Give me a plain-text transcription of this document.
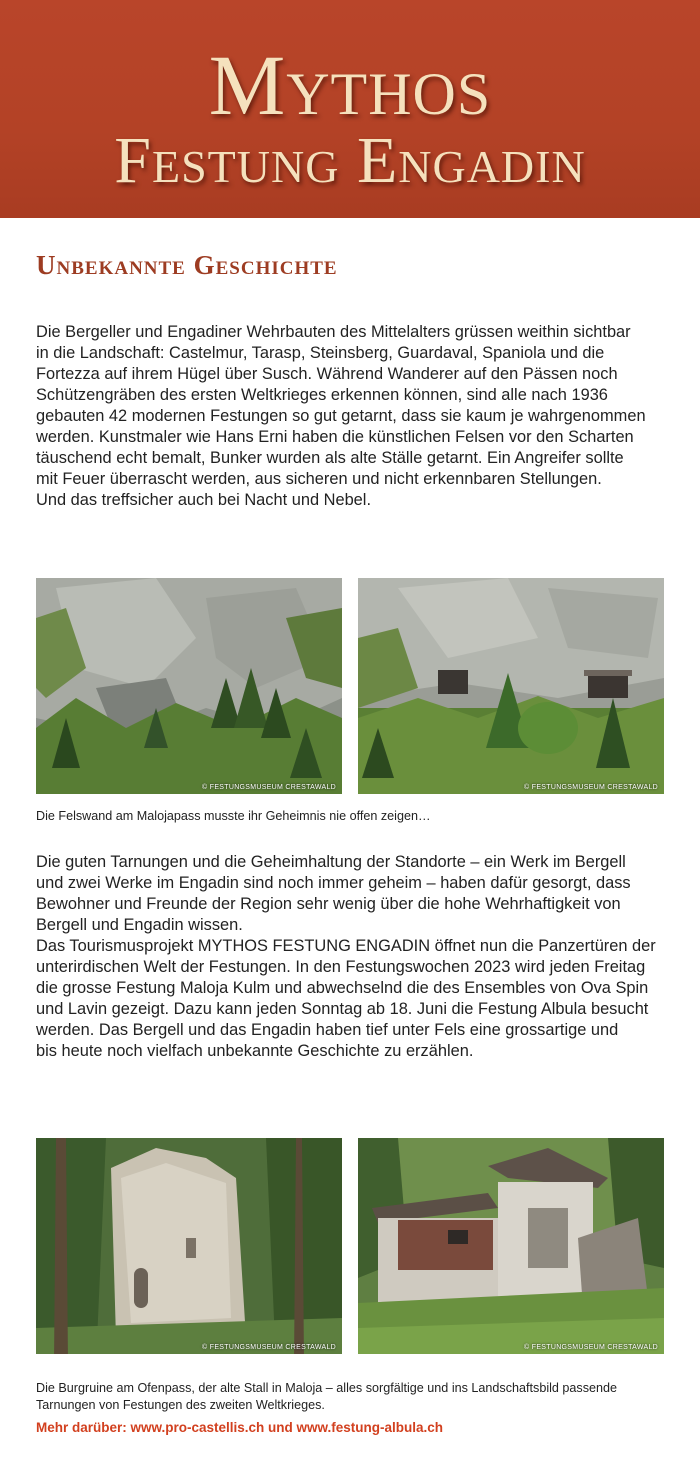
Mythos
Festung Engadin
Unbekannte Geschichte
Die Bergeller und Engadiner Wehrbauten des Mittelalters grüssen weithin sichtbar
in die Landschaft: Castelmur, Tarasp, Steinsberg, Guardaval, Spaniola und die
Fortezza auf ihrem Hügel über Susch. Während Wanderer auf den Pässen noch
Schützengräben des ersten Weltkrieges erkennen können, sind alle nach 1936
gebauten 42 modernen Festungen so gut getarnt, dass sie kaum je wahrgenommen
werden. Kunstmaler wie Hans Erni haben die künstlichen Felsen vor den Scharten
täuschend echt bemalt, Bunker wurden als alte Ställe getarnt. Ein Angreifer sollte
mit Feuer überrascht werden, aus sicheren und nicht erkennbaren Stellungen.
Und das treffsicher auch bei Nacht und Nebel.
© FESTUNGSMUSEUM CRESTAWALD	© FESTUNGSMUSEUM CRESTAWALD
Die Felswand am Malojapass musste ihr Geheimnis nie offen zeigen…
Die guten Tarnungen und die Geheimhaltung der Standorte – ein Werk im Bergell
und zwei Werke im Engadin sind noch immer geheim – haben dafür gesorgt, dass
Bewohner und Freunde der Region sehr wenig über die hohe Wehrhaftigkeit von
Bergell und Engadin wissen.
Das Tourismusprojekt MYTHOS FESTUNG ENGADIN öffnet nun die Panzertüren der
unterirdischen Welt der Festungen. In den Festungswochen 2023 wird jeden Freitag
die grosse Festung Maloja Kulm und abwechselnd die des Ensembles von Ova Spin
und Lavin gezeigt. Dazu kann jeden Sonntag ab 18. Juni die Festung Albula besucht
werden. Das Bergell und das Engadin haben tief unter Fels eine grossartige und
bis heute noch vielfach unbekannte Geschichte zu erzählen.
© FESTUNGSMUSEUM CRESTAWALD	© FESTUNGSMUSEUM CRESTAWALD
Die Burgruine am Ofenpass, der alte Stall in Maloja – alles sorgfältige und ins Landschaftsbild passende Tarnungen von Festungen des zweiten Weltkrieges.
Mehr darüber: www.pro-castellis.ch und www.festung-albula.ch
